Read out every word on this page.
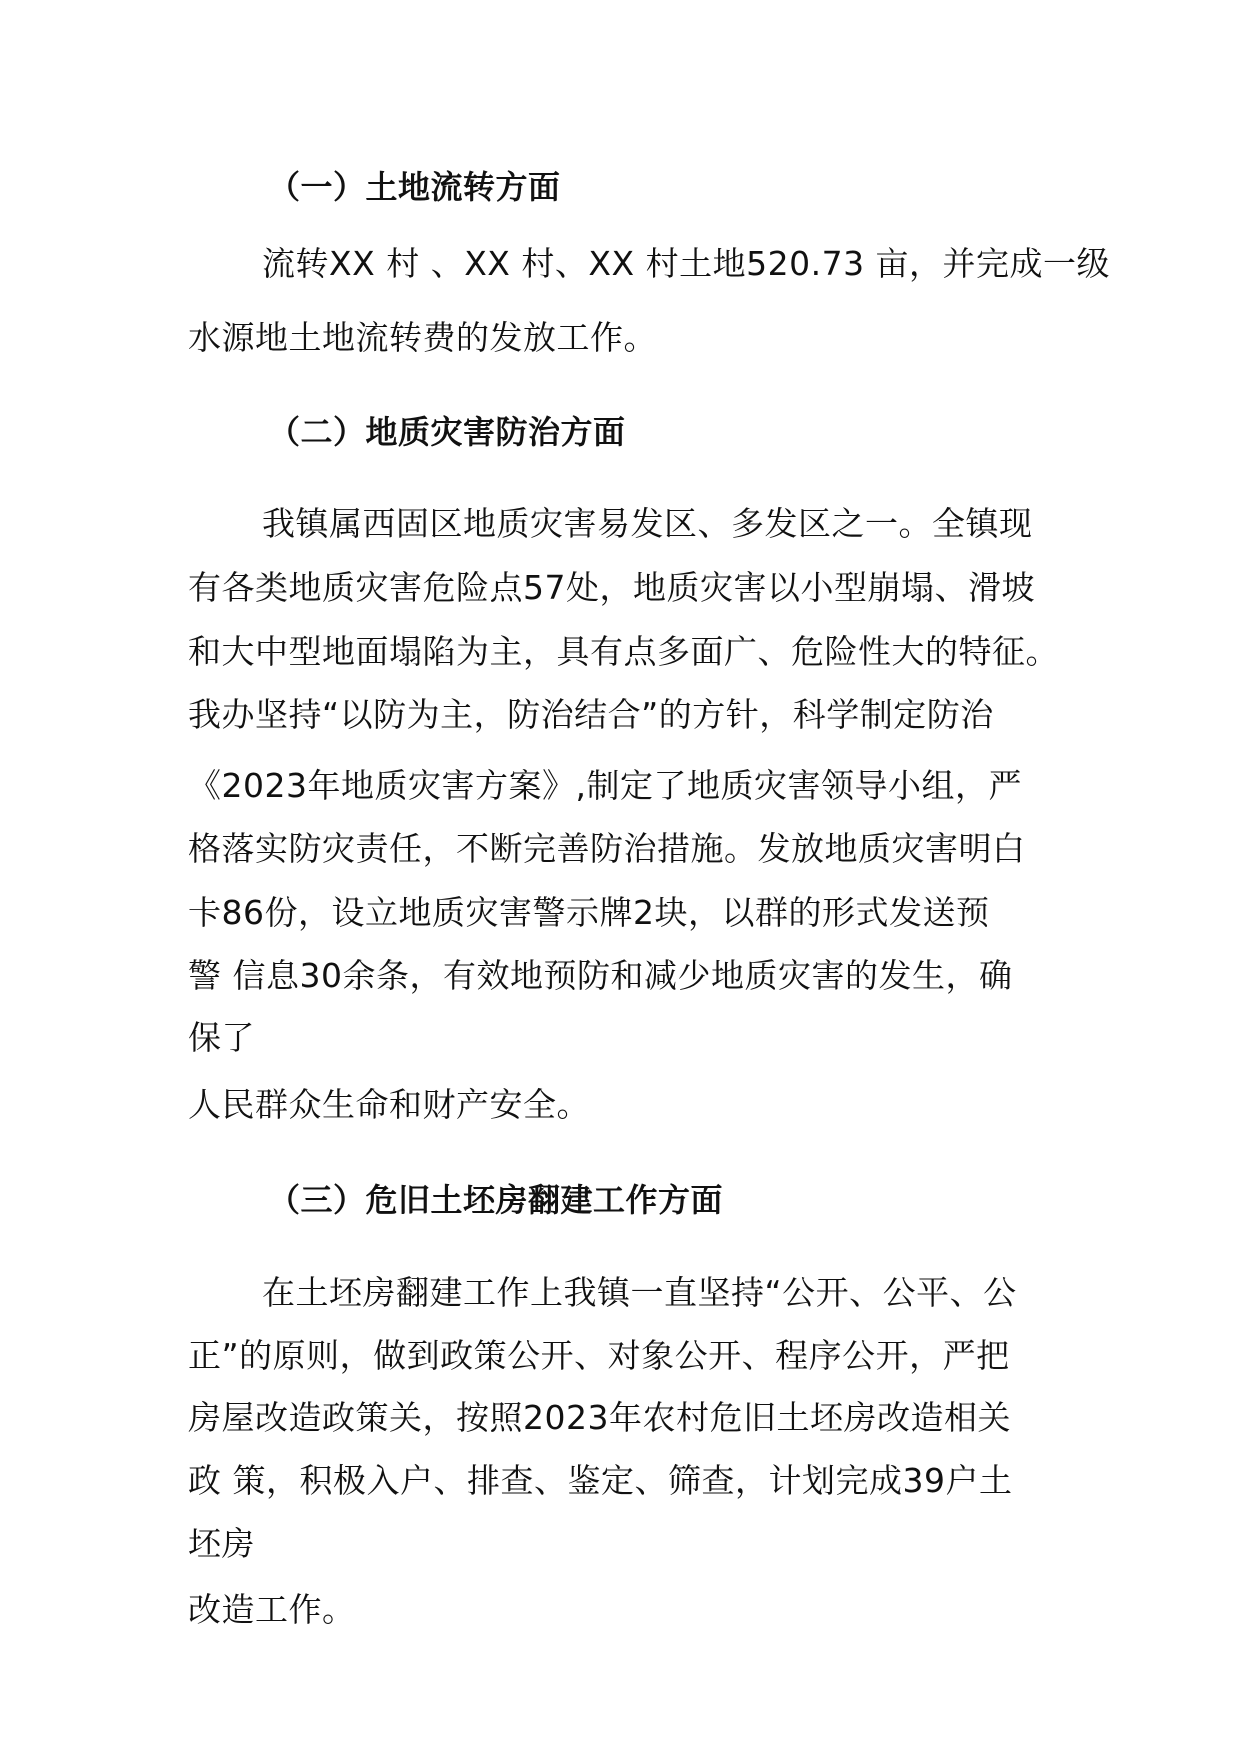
（一）土地流转方面
流转XX 村 、XX 村、XX 村土地520.73 亩，并完成一级
水源地土地流转费的发放工作。
（二）地质灾害防治方面
我镇属西固区地质灾害易发区、多发区之一。全镇现
有各类地质灾害危险点57处，地质灾害以小型崩塌、滑坡
和大中型地面塌陷为主，具有点多面广、危险性大的特征。
我办坚持“以防为主，防治结合”的方针，科学制定防治
《2023年地质灾害方案》,制定了地质灾害领导小组，严
格落实防灾责任，不断完善防治措施。发放地质灾害明白
卡86份，设立地质灾害警示牌2块，以群的形式发送预
警 信息30余条，有效地预防和减少地质灾害的发生，确
保了
人民群众生命和财产安全。
（三）危旧土坯房翻建工作方面
在土坯房翻建工作上我镇一直坚持“公开、公平、公
正”的原则，做到政策公开、对象公开、程序公开，严把
房屋改造政策关，按照2023年农村危旧土坯房改造相关
政 策，积极入户、排查、鉴定、筛查，计划完成39户土
坯房
改造工作。
